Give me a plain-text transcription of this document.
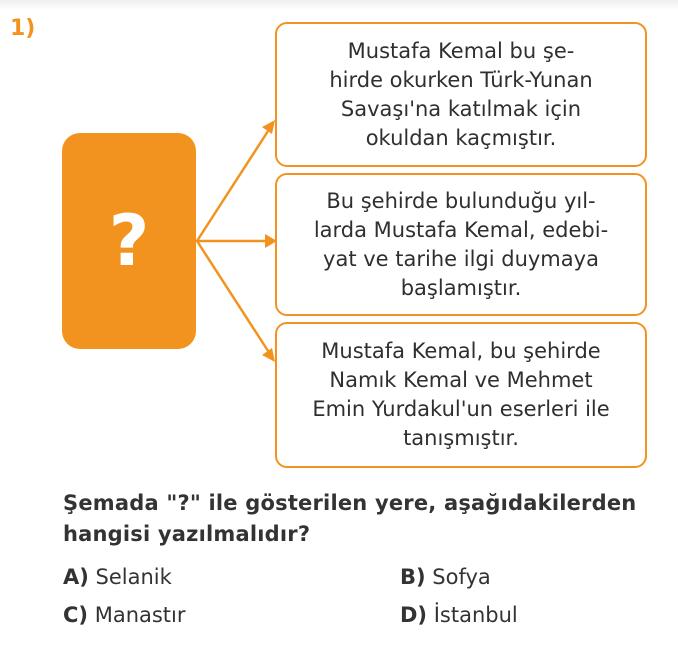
1)
?
Mustafa Kemal bu şe-
hirde okurken Türk-Yunan
Savaşı'na katılmak için
okuldan kaçmıştır.
Bu şehirde bulunduğu yıl-
larda Mustafa Kemal, edebi-
yat ve tarihe ilgi duymaya
başlamıştır.
Mustafa Kemal, bu şehirde
Namık Kemal ve Mehmet
Emin Yurdakul'un eserleri ile
tanışmıştır.
Şemada "?" ile gösterilen yere, aşağıdakilerden hangisi yazılmalıdır?
A) Selanik	B) Sofya
C) Manastır	D) İstanbul
